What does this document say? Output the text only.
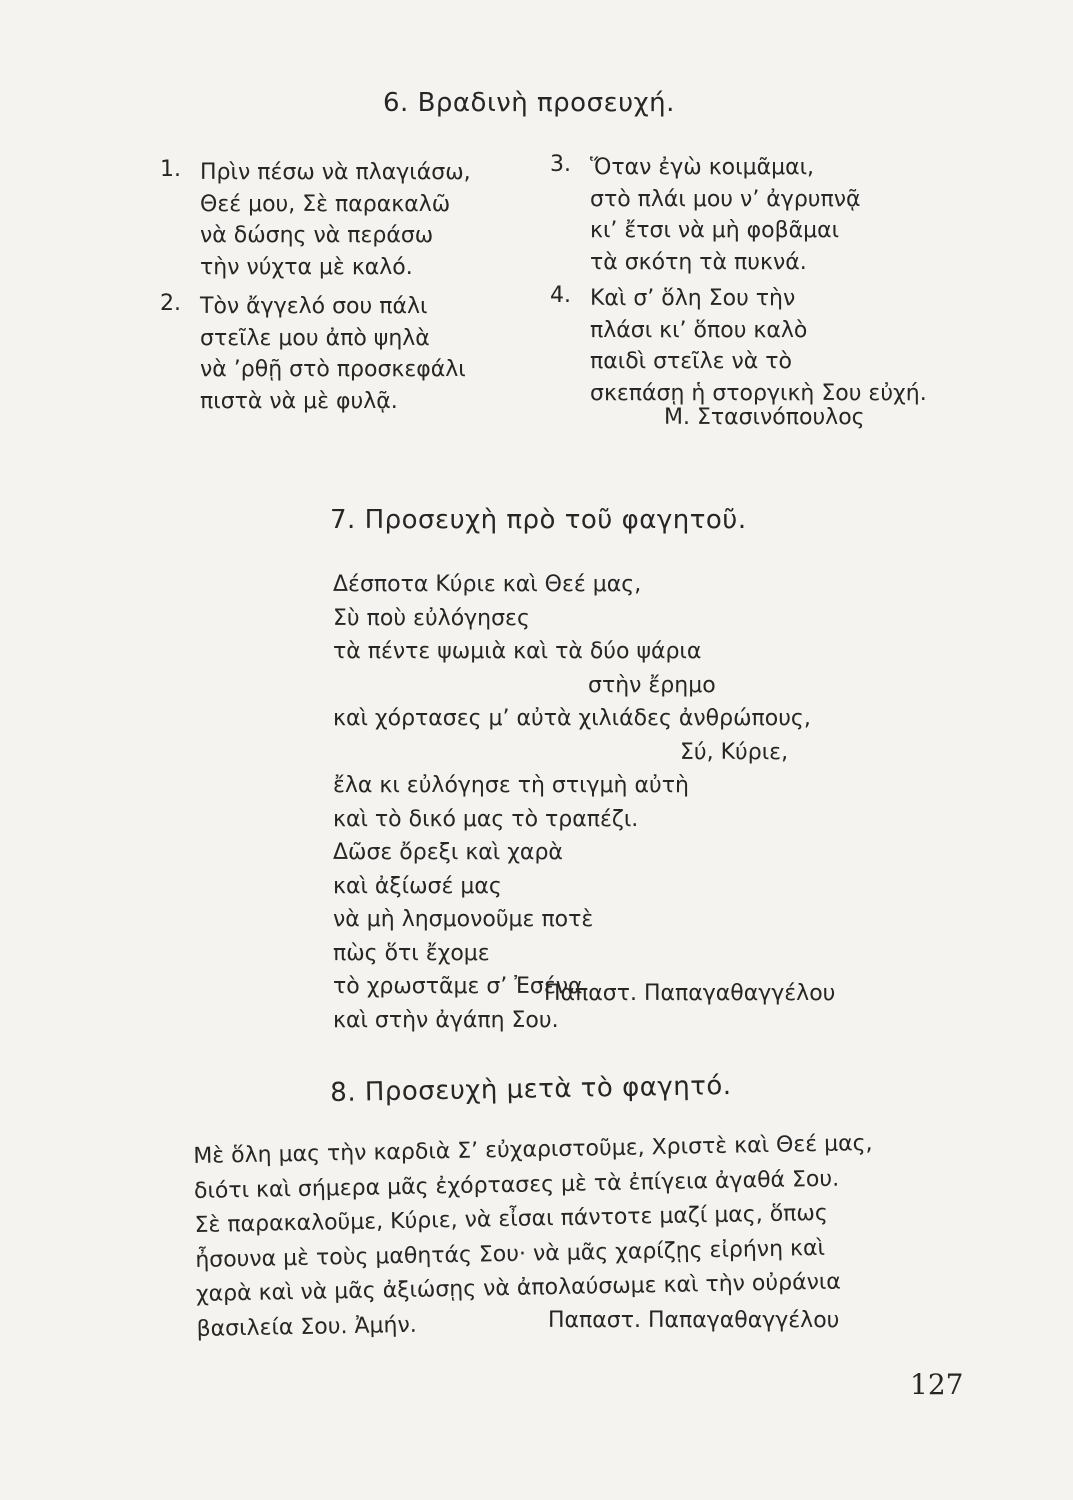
6. Βραδινὴ προσευχή.
1. Πρὶν πέσω νὰ πλαγιάσω,
Θεέ μου, Σὲ παρακαλῶ
νὰ δώσης νὰ περάσω
τὴν νύχτα μὲ καλό.
2. Τὸν ἄγγελό σου πάλι
στεῖλε μου ἀπὸ ψηλὰ
νὰ ’ρθῇ στὸ προσκεφάλι
πιστὰ νὰ μὲ φυλᾷ.
3. Ὅταν ἐγὼ κοιμᾶμαι,
στὸ πλάι μου ν’ ἀγρυπνᾷ
κι’ ἔτσι νὰ μὴ φοβᾶμαι
τὰ σκότη τὰ πυκνά.
4. Καὶ σ’ ὅλη Σου τὴν
πλάσι κι’ ὅπου καλὸ
παιδὶ στεῖλε νὰ τὸ
σκεπάσῃ ἡ στοργικὴ Σου εὐχή.
Μ. Στασινόπουλος
7. Προσευχὴ πρὸ τοῦ φαγητοῦ.
Δέσποτα Κύριε καὶ Θεέ μας,
Σὺ ποὺ εὐλόγησες
τὰ πέντε ψωμιὰ καὶ τὰ δύο ψάρια
στὴν ἔρημο
καὶ χόρτασες μ’ αὐτὰ χιλιάδες ἀνθρώπους,
Σύ, Κύριε,
ἔλα κι εὐλόγησε τὴ στιγμὴ αὐτὴ
καὶ τὸ δικό μας τὸ τραπέζι.
Δῶσε ὄρεξι καὶ χαρὰ
καὶ ἀξίωσέ μας
νὰ μὴ λησμονοῦμε ποτὲ
πὼς ὅτι ἔχομε
τὸ χρωστᾶμε σ’ Ἐσένα
καὶ στὴν ἀγάπη Σου.
Παπαστ. Παπαγαθαγγέλου
8. Προσευχὴ μετὰ τὸ φαγητό.
Μὲ ὅλη μας τὴν καρδιὰ Σ’ εὐχαριστοῦμε, Χριστὲ καὶ Θεέ μας,
διότι καὶ σήμερα μᾶς ἐχόρτασες μὲ τὰ ἐπίγεια ἀγαθά Σου.
Σὲ παρακαλοῦμε, Κύριε, νὰ εἶσαι πάντοτε μαζί μας, ὅπως
ἦσουνα μὲ τοὺς μαθητάς Σου· νὰ μᾶς χαρίζῃς εἰρήνη καὶ
χαρὰ καὶ νὰ μᾶς ἀξιώσῃς νὰ ἀπολαύσωμε καὶ τὴν οὐράνια
βασιλεία Σου. Ἀμήν.	Παπαστ. Παπαγαθαγγέλου
127
